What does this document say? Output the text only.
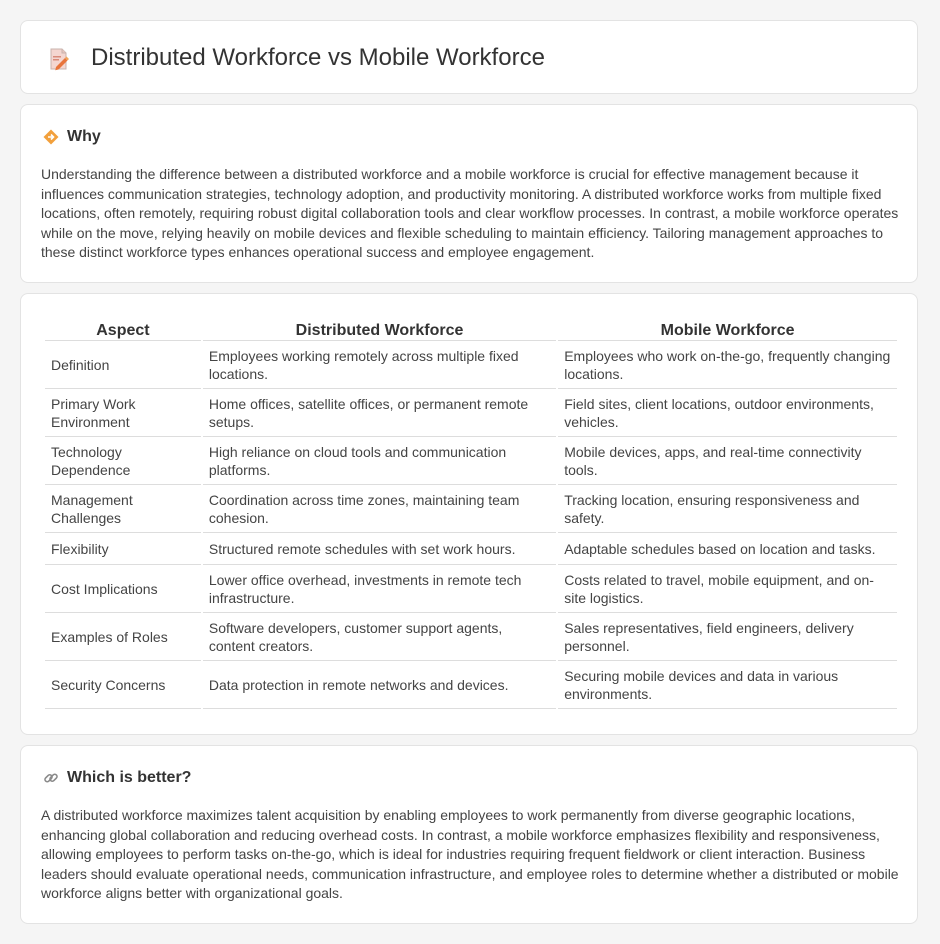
Distributed Workforce vs Mobile Workforce
Why

Understanding the difference between a distributed workforce and a mobile workforce is crucial for effective management because it influences communication strategies, technology adoption, and productivity monitoring. A distributed workforce works from multiple fixed locations, often remotely, requiring robust digital collaboration tools and clear workflow processes. In contrast, a mobile workforce operates while on the move, relying heavily on mobile devices and flexible scheduling to maintain efficiency. Tailoring management approaches to these distinct workforce types enhances operational success and employee engagement.

Aspect	Distributed Workforce	Mobile Workforce
Definition	Employees working remotely across multiple fixed locations.	Employees who work on-the-go, frequently changing locations.
Primary Work Environment	Home offices, satellite offices, or permanent remote setups.	Field sites, client locations, outdoor environments, vehicles.
Technology Dependence	High reliance on cloud tools and communication platforms.	Mobile devices, apps, and real-time connectivity tools.
Management Challenges	Coordination across time zones, maintaining team cohesion.	Tracking location, ensuring responsiveness and safety.
Flexibility	Structured remote schedules with set work hours.	Adaptable schedules based on location and tasks.
Cost Implications	Lower office overhead, investments in remote tech infrastructure.	Costs related to travel, mobile equipment, and on-site logistics.
Examples of Roles	Software developers, customer support agents, content creators.	Sales representatives, field engineers, delivery personnel.
Security Concerns	Data protection in remote networks and devices.	Securing mobile devices and data in various environments.
Which is better?

A distributed workforce maximizes talent acquisition by enabling employees to work permanently from diverse geographic locations, enhancing global collaboration and reducing overhead costs. In contrast, a mobile workforce emphasizes flexibility and responsiveness, allowing employees to perform tasks on-the-go, which is ideal for industries requiring frequent fieldwork or client interaction. Business leaders should evaluate operational needs, communication infrastructure, and employee roles to determine whether a distributed or mobile workforce aligns better with organizational goals.
